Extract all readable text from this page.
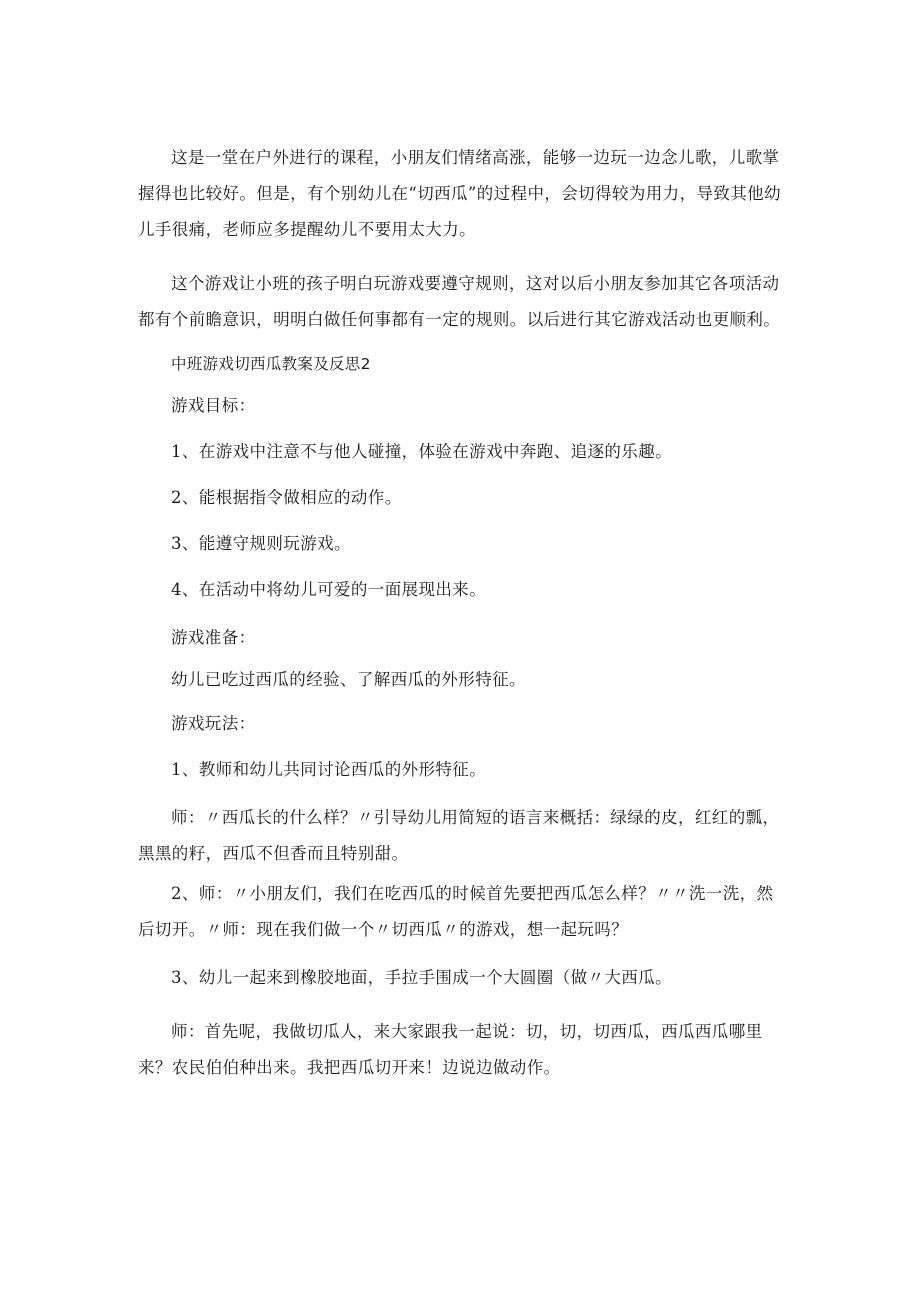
这是一堂在户外进行的课程，小朋友们情绪高涨，能够一边玩一边念儿歌，儿歌掌握得也比较好。但是，有个别幼儿在“切西瓜”的过程中，会切得较为用力，导致其他幼儿手很痛，老师应多提醒幼儿不要用太大力。

这个游戏让小班的孩子明白玩游戏要遵守规则，这对以后小朋友参加其它各项活动都有个前瞻意识，明明白做任何事都有一定的规则。以后进行其它游戏活动也更顺利。

中班游戏切西瓜教案及反思2

游戏目标：

1、在游戏中注意不与他人碰撞，体验在游戏中奔跑、追逐的乐趣。

2、能根据指令做相应的动作。

3、能遵守规则玩游戏。

4、在活动中将幼儿可爱的一面展现出来。

游戏准备：

幼儿已吃过西瓜的经验、了解西瓜的外形特征。

游戏玩法：

1、教师和幼儿共同讨论西瓜的外形特征。

师：〃西瓜长的什么样？〃引导幼儿用简短的语言来概括：绿绿的皮，红红的瓢，黑黑的籽，西瓜不但香而且特别甜。

2、师：〃小朋友们，我们在吃西瓜的时候首先要把西瓜怎么样？〃〃洗一洗，然后切开。〃师：现在我们做一个〃切西瓜〃的游戏，想一起玩吗？

3、幼儿一起来到橡胶地面，手拉手围成一个大圆圈（做〃大西瓜。

师：首先呢，我做切瓜人，来大家跟我一起说：切，切，切西瓜，西瓜西瓜哪里来？农民伯伯种出来。我把西瓜切开来！边说边做动作。
